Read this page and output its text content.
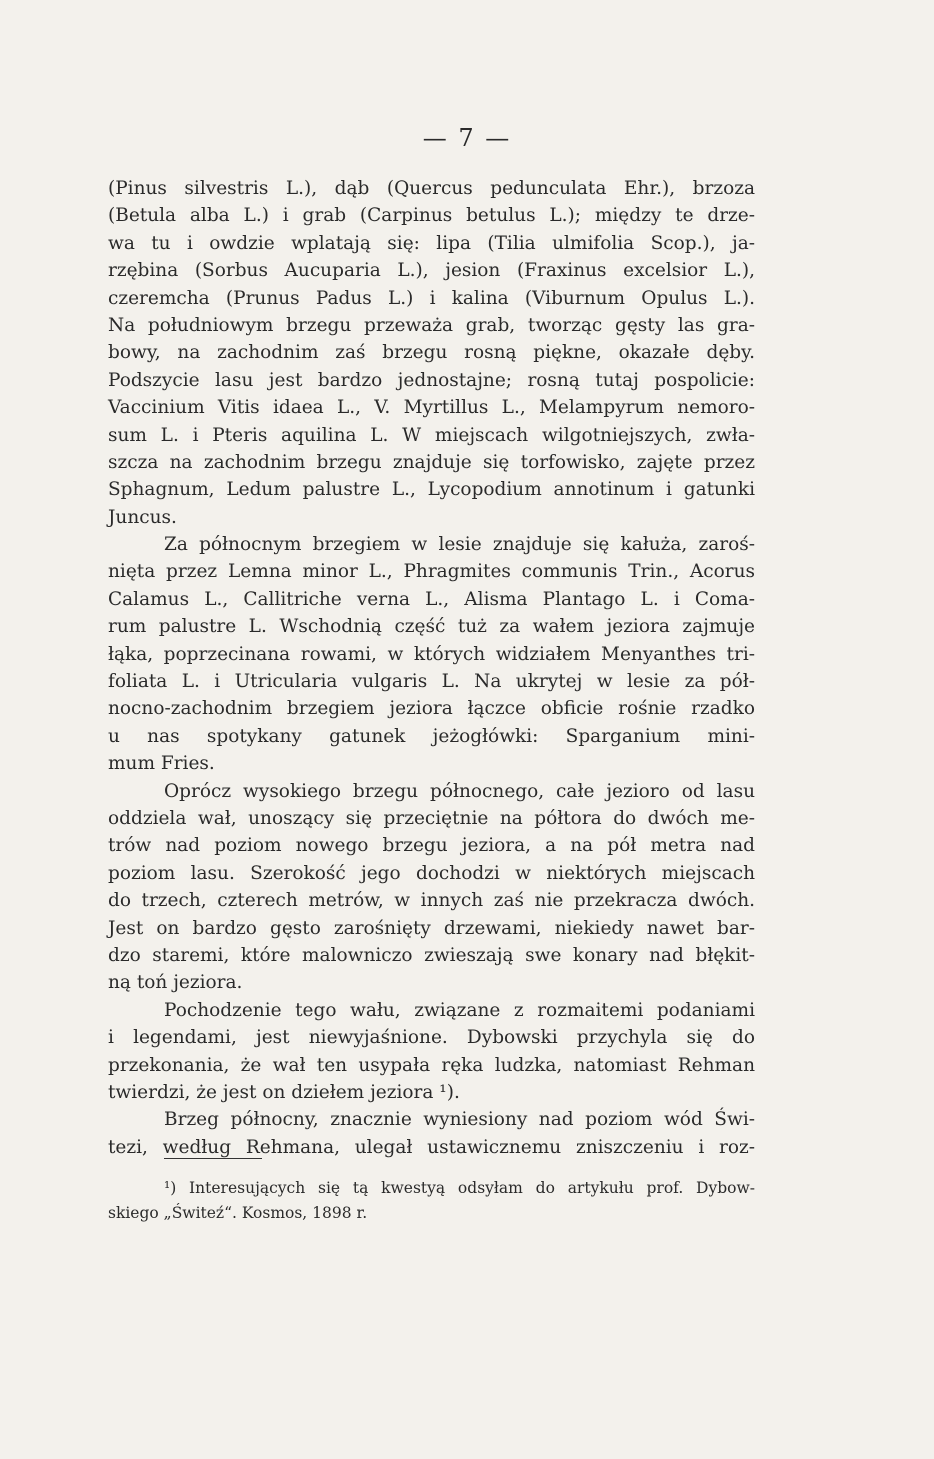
— 7 —
(Pinus silvestris L.), dąb (Quercus pedunculata Ehr.), brzoza
(Betula alba L.) i grab (Carpinus betulus L.); między te drze-
wa tu i owdzie wplatają się: lipa (Tilia ulmifolia Scop.), ja-
rzębina (Sorbus Aucuparia L.), jesion (Fraxinus excelsior L.),
czeremcha (Prunus Padus L.) i kalina (Viburnum Opulus L.).
Na południowym brzegu przeważa grab, tworząc gęsty las gra-
bowy, na zachodnim zaś brzegu rosną piękne, okazałe dęby.
Podszycie lasu jest bardzo jednostajne; rosną tutaj pospolicie:
Vaccinium Vitis idaea L., V. Myrtillus L., Melampyrum nemoro-
sum L. i Pteris aquilina L. W miejscach wilgotniejszych, zwła-
szcza na zachodnim brzegu znajduje się torfowisko, zajęte przez
Sphagnum, Ledum palustre L., Lycopodium annotinum i gatunki
Juncus.
Za północnym brzegiem w lesie znajduje się kałuża, zaroś-
nięta przez Lemna minor L., Phragmites communis Trin., Acorus
Calamus L., Callitriche verna L., Alisma Plantago L. i Coma-
rum palustre L. Wschodnią część tuż za wałem jeziora zajmuje
łąka, poprzecinana rowami, w których widziałem Menyanthes tri-
foliata L. i Utricularia vulgaris L. Na ukrytej w lesie za pół-
nocno-zachodnim brzegiem jeziora łączce obficie rośnie rzadko
u nas spotykany gatunek jeżogłówki: Sparganium mini-
mum Fries.
Oprócz wysokiego brzegu północnego, całe jezioro od lasu
oddziela wał, unoszący się przeciętnie na półtora do dwóch me-
trów nad poziom nowego brzegu jeziora, a na pół metra nad
poziom lasu. Szerokość jego dochodzi w niektórych miejscach
do trzech, czterech metrów, w innych zaś nie przekracza dwóch.
Jest on bardzo gęsto zarośnięty drzewami, niekiedy nawet bar-
dzo staremi, które malowniczo zwieszają swe konary nad błękit-
ną toń jeziora.
Pochodzenie tego wału, związane z rozmaitemi podaniami
i legendami, jest niewyjaśnione. Dybowski przychyla się do
przekonania, że wał ten usypała ręka ludzka, natomiast Rehman
twierdzi, że jest on dziełem jeziora ¹).
Brzeg północny, znacznie wyniesiony nad poziom wód Świ-
tezi, według Rehmana, ulegał ustawicznemu zniszczeniu i roz-
¹) Interesujących się tą kwestyą odsyłam do artykułu prof. Dybow-
skiego „Świteź“. Kosmos, 1898 r.
